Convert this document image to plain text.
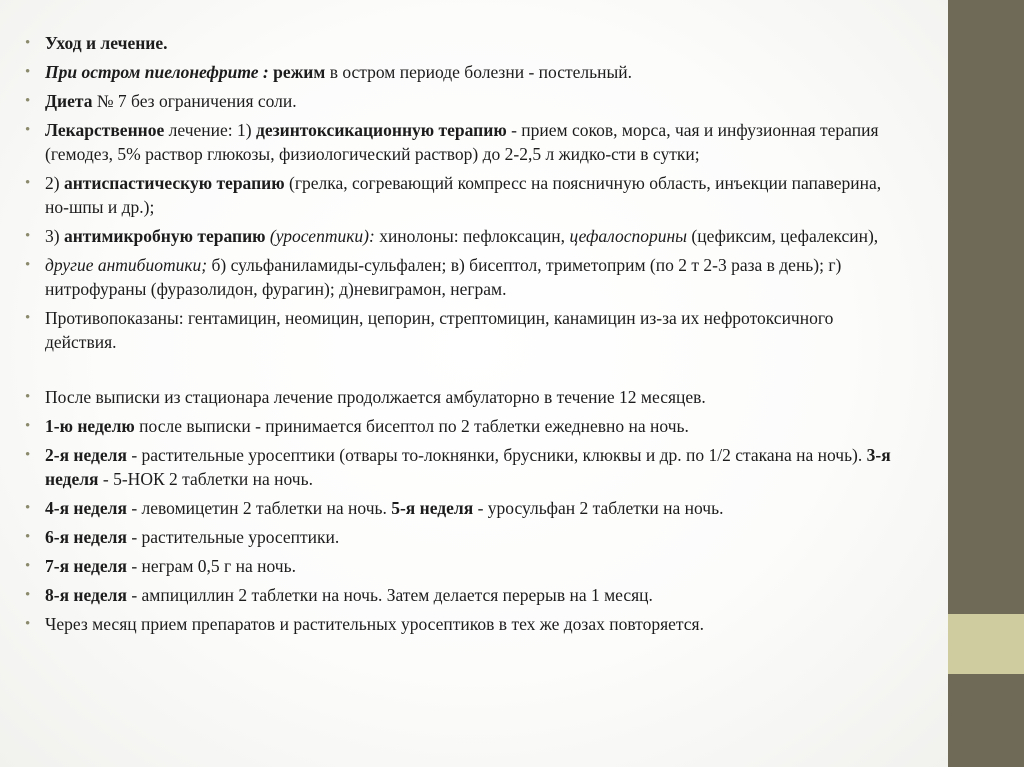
• Уход и лечение.
• При остром пиелонефрите : режим в остром периоде болезни - постельный.
• Диета № 7 без ограничения соли.
• Лекарственное лечение: 1) дезинтоксикационную терапию - прием соков, морса, чая и инфузионная терапия (гемодез, 5% раствор глюкозы, физиологический раствор) до 2-2,5 л жидко-сти в сутки;
• 2) антиспастическую терапию (грелка, согревающий компресс на поясничную область, инъекции папаверина, но-шпы и др.);
• 3) антимикробную терапию (уросептики): хинолоны: пефлоксацин, цефалоспорины (цефиксим, цефалексин),
• другие антибиотики; б) сульфаниламиды-сульфален; в) бисептол, триметоприм (по 2 т 2-3 раза в день); г) нитрофураны (фуразолидон, фурагин); д)невиграмон, неграм.
• Противопоказаны: гентамицин, неомицин, цепорин, стрептомицин, канамицин из-за их нефротоксичного действия.
• После выписки из стационара лечение продолжается амбулаторно в течение 12 месяцев.
• 1-ю неделю после выписки - принимается бисептол по 2 таблетки ежедневно на ночь.
• 2-я неделя - растительные уросептики (отвары то-локнянки, брусники, клюквы и др. по 1/2 стакана на ночь). 3-я неделя - 5-НОК 2 таблетки на ночь.
• 4-я неделя - левомицетин 2 таблетки на ночь. 5-я неделя - уросульфан 2 таблетки на ночь.
• 6-я неделя - растительные уросептики.
• 7-я неделя - неграм 0,5 г на ночь.
• 8-я неделя - ампициллин 2 таблетки на ночь. Затем делается перерыв на 1 месяц.
• Через месяц прием препаратов и растительных уросептиков в тех же дозах повторяется.
